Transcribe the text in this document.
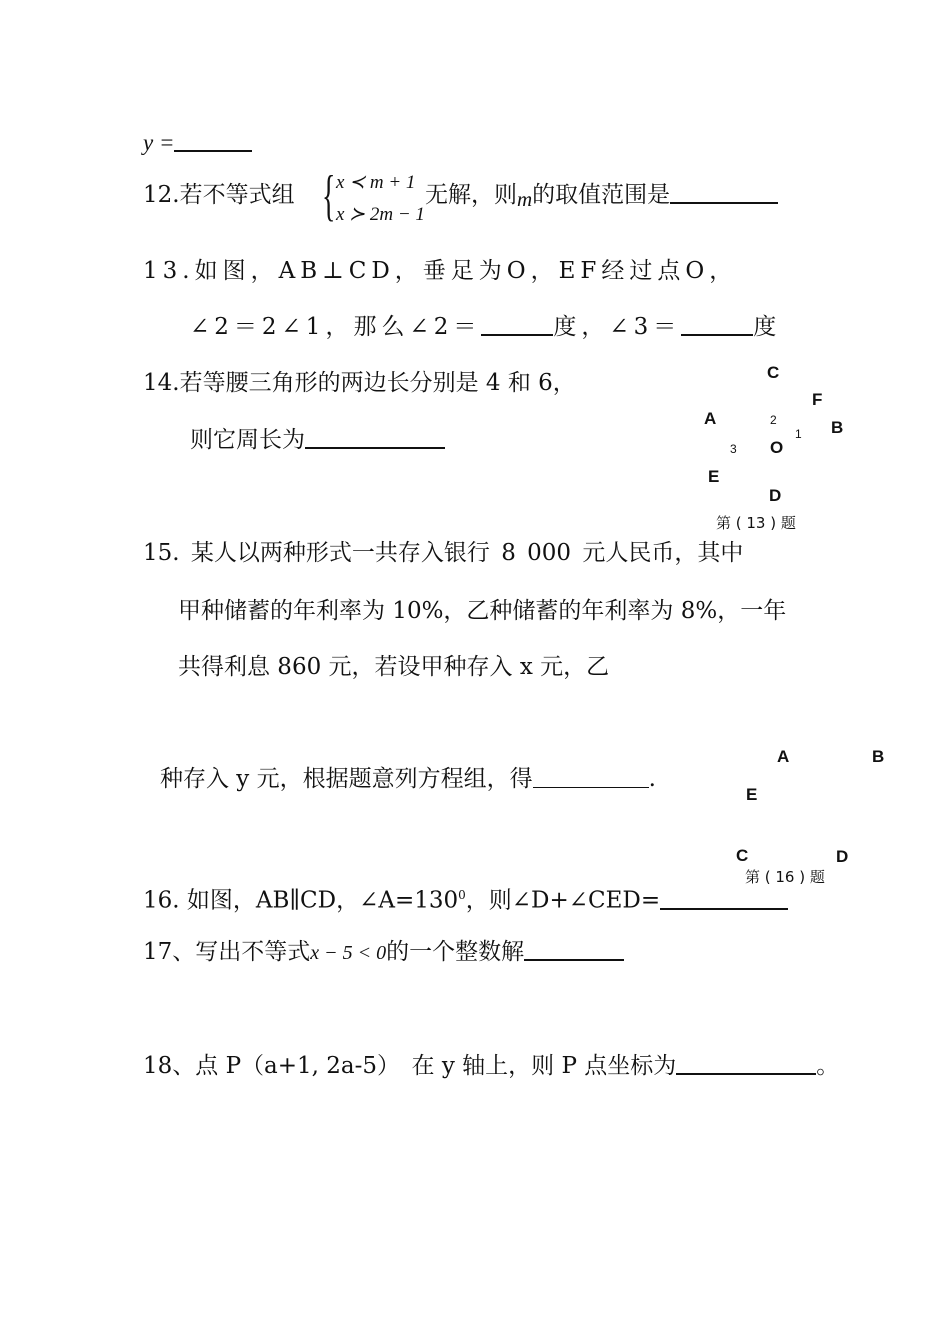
y =
12.若不等式组 { x ≺ m + 1
x ≻ 2m − 1
无解，则m的取值范围是
13.如图，AB⊥CD，垂足为O，EF经过点O，
∠2＝2∠1，那么∠2＝	度，∠3＝	度
C
F
A	2
1 B
3 O
E
D
第 ( 13 ) 题
14.若等腰三角形的两边长分别是 4 和 6，
则它周长为
15. 某人以两种形式一共存入银行 8 000 元人民币，其中
甲种储蓄的年利率为 10%，乙种储蓄的年利率为 8%，一年
共得利息 860 元，若设甲种存入 x 元，乙
种存入 y 元，根据题意列方程组，得	.
A	B
E
C	D
第 ( 16 ) 题
16. 如图，AB∥CD，$\angle A=130^0$，则∠D+∠CED=
17、写出不等式x − 5 < 0的一个整数解
18、点 P（a+1, 2a-5）　在 y 轴上，则 P 点坐标为	。
